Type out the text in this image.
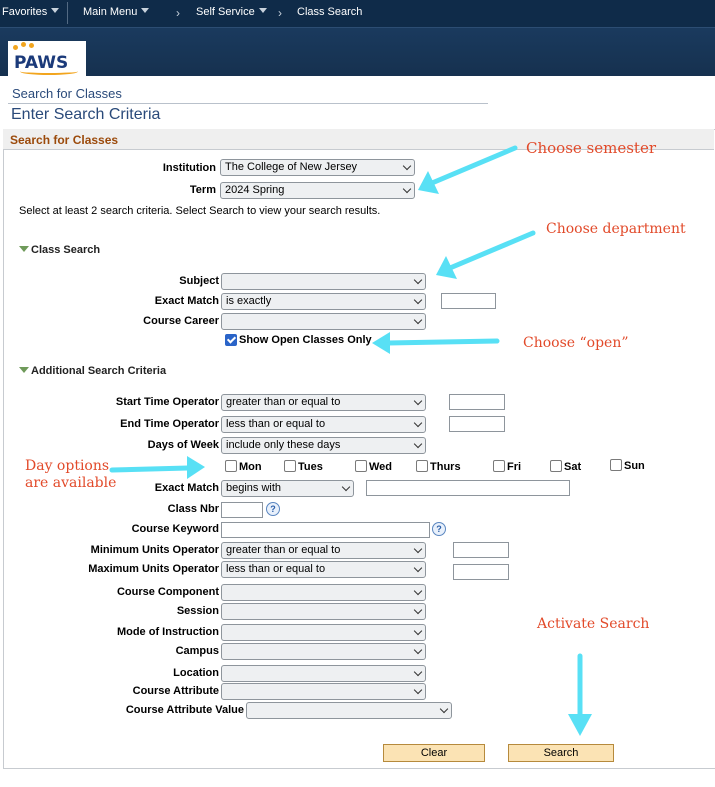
Favorites	Main Menu	› Self Service	› Class Search
PAWS
Search for Classes
Enter Search Criteria
Search for Classes
Institution The College of New Jersey
Term 2024 Spring
Select at least 2 search criteria. Select Search to view your search results.
Class Search
Subject
Exact Match is exactly
Course Career
Show Open Classes Only
Additional Search Criteria
Start Time Operator greater than or equal to
End Time Operator less than or equal to
Days of Week include only these days
Mon	Tues	Wed	Thurs	Fri	Sat	Sun
Exact Match begins with
Class Nbr	?
Course Keyword	?
Minimum Units Operator greater than or equal to
Maximum Units Operator less than or equal to
Course Component
Session
Mode of Instruction
Campus
Location
Course Attribute
Course Attribute Value
Clear	Search
Choose semester
Choose department
Choose “open”
Day options
are available
Activate Search
